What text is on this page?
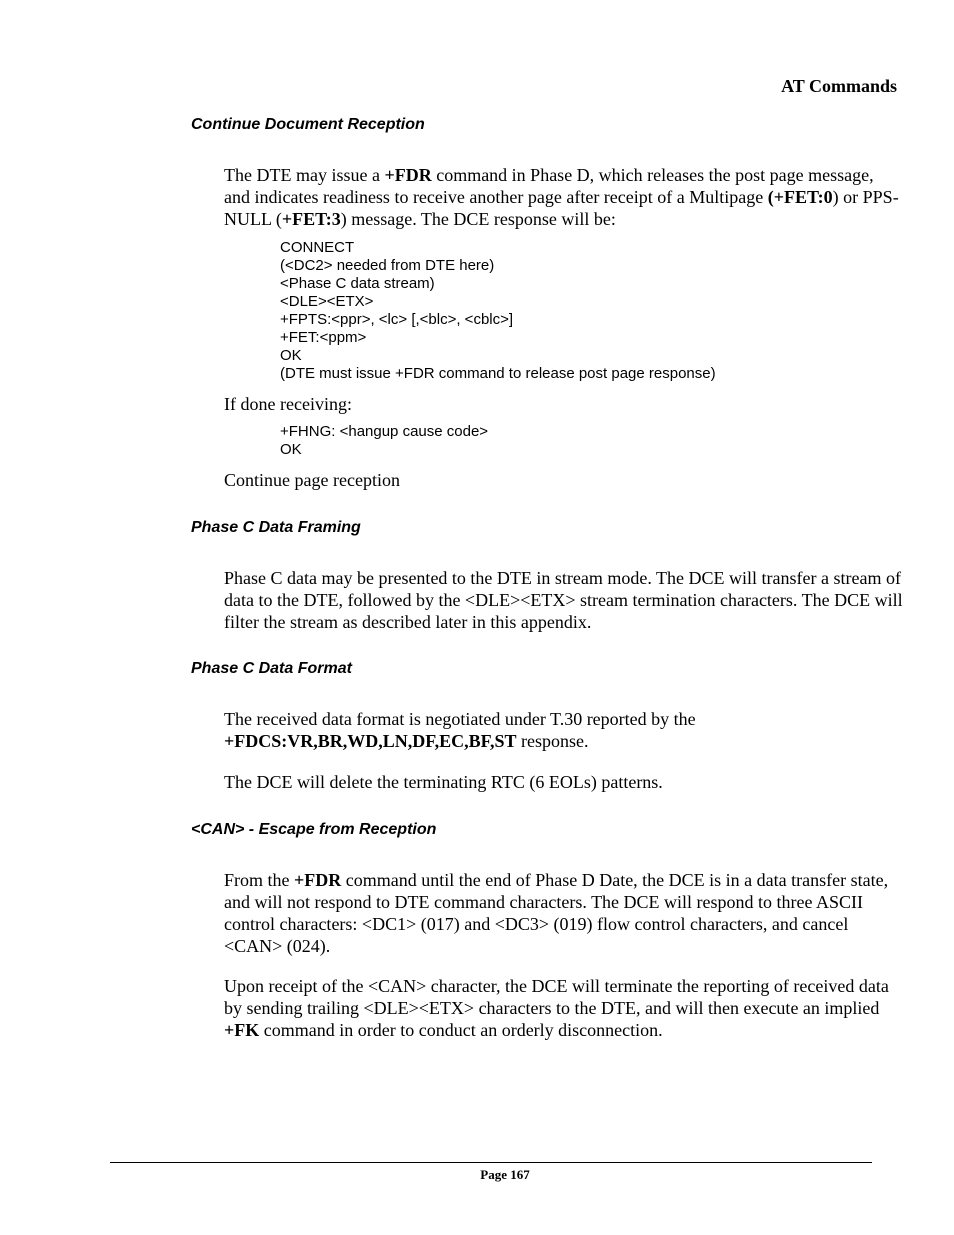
AT Commands
Continue Document Reception

The DTE may issue a +FDR command in Phase D, which releases the post page message, and indicates readiness to receive another page after receipt of a Multipage (+FET:0) or PPS-NULL (+FET:3) message. The DCE response will be:

CONNECT
(<DC2> needed from DTE here)
<Phase C data stream)
<DLE><ETX>
+FPTS:<ppr>, <lc> [,<blc>, <cblc>]
+FET:<ppm>
OK
(DTE must issue +FDR command to release post page response)

If done receiving:

+FHNG: <hangup cause code>
OK

Continue page reception

Phase C Data Framing

Phase C data may be presented to the DTE in stream mode. The DCE will transfer a stream of data to the DTE, followed by the <DLE><ETX> stream termination characters. The DCE will filter the stream as described later in this appendix.

Phase C Data Format

The received data format is negotiated under T.30 reported by the +FDCS:VR,BR,WD,LN,DF,EC,BF,ST response.

The DCE will delete the terminating RTC (6 EOLs) patterns.

<CAN> - Escape from Reception

From the +FDR command until the end of Phase D Date, the DCE is in a data transfer state, and will not respond to DTE command characters. The DCE will respond to three ASCII control characters: <DC1> (017) and <DC3> (019) flow control characters, and cancel <CAN> (024).

Upon receipt of the <CAN> character, the DCE will terminate the reporting of received data by sending trailing <DLE><ETX> characters to the DTE, and will then execute an implied +FK command in order to conduct an orderly disconnection.

Page 167
